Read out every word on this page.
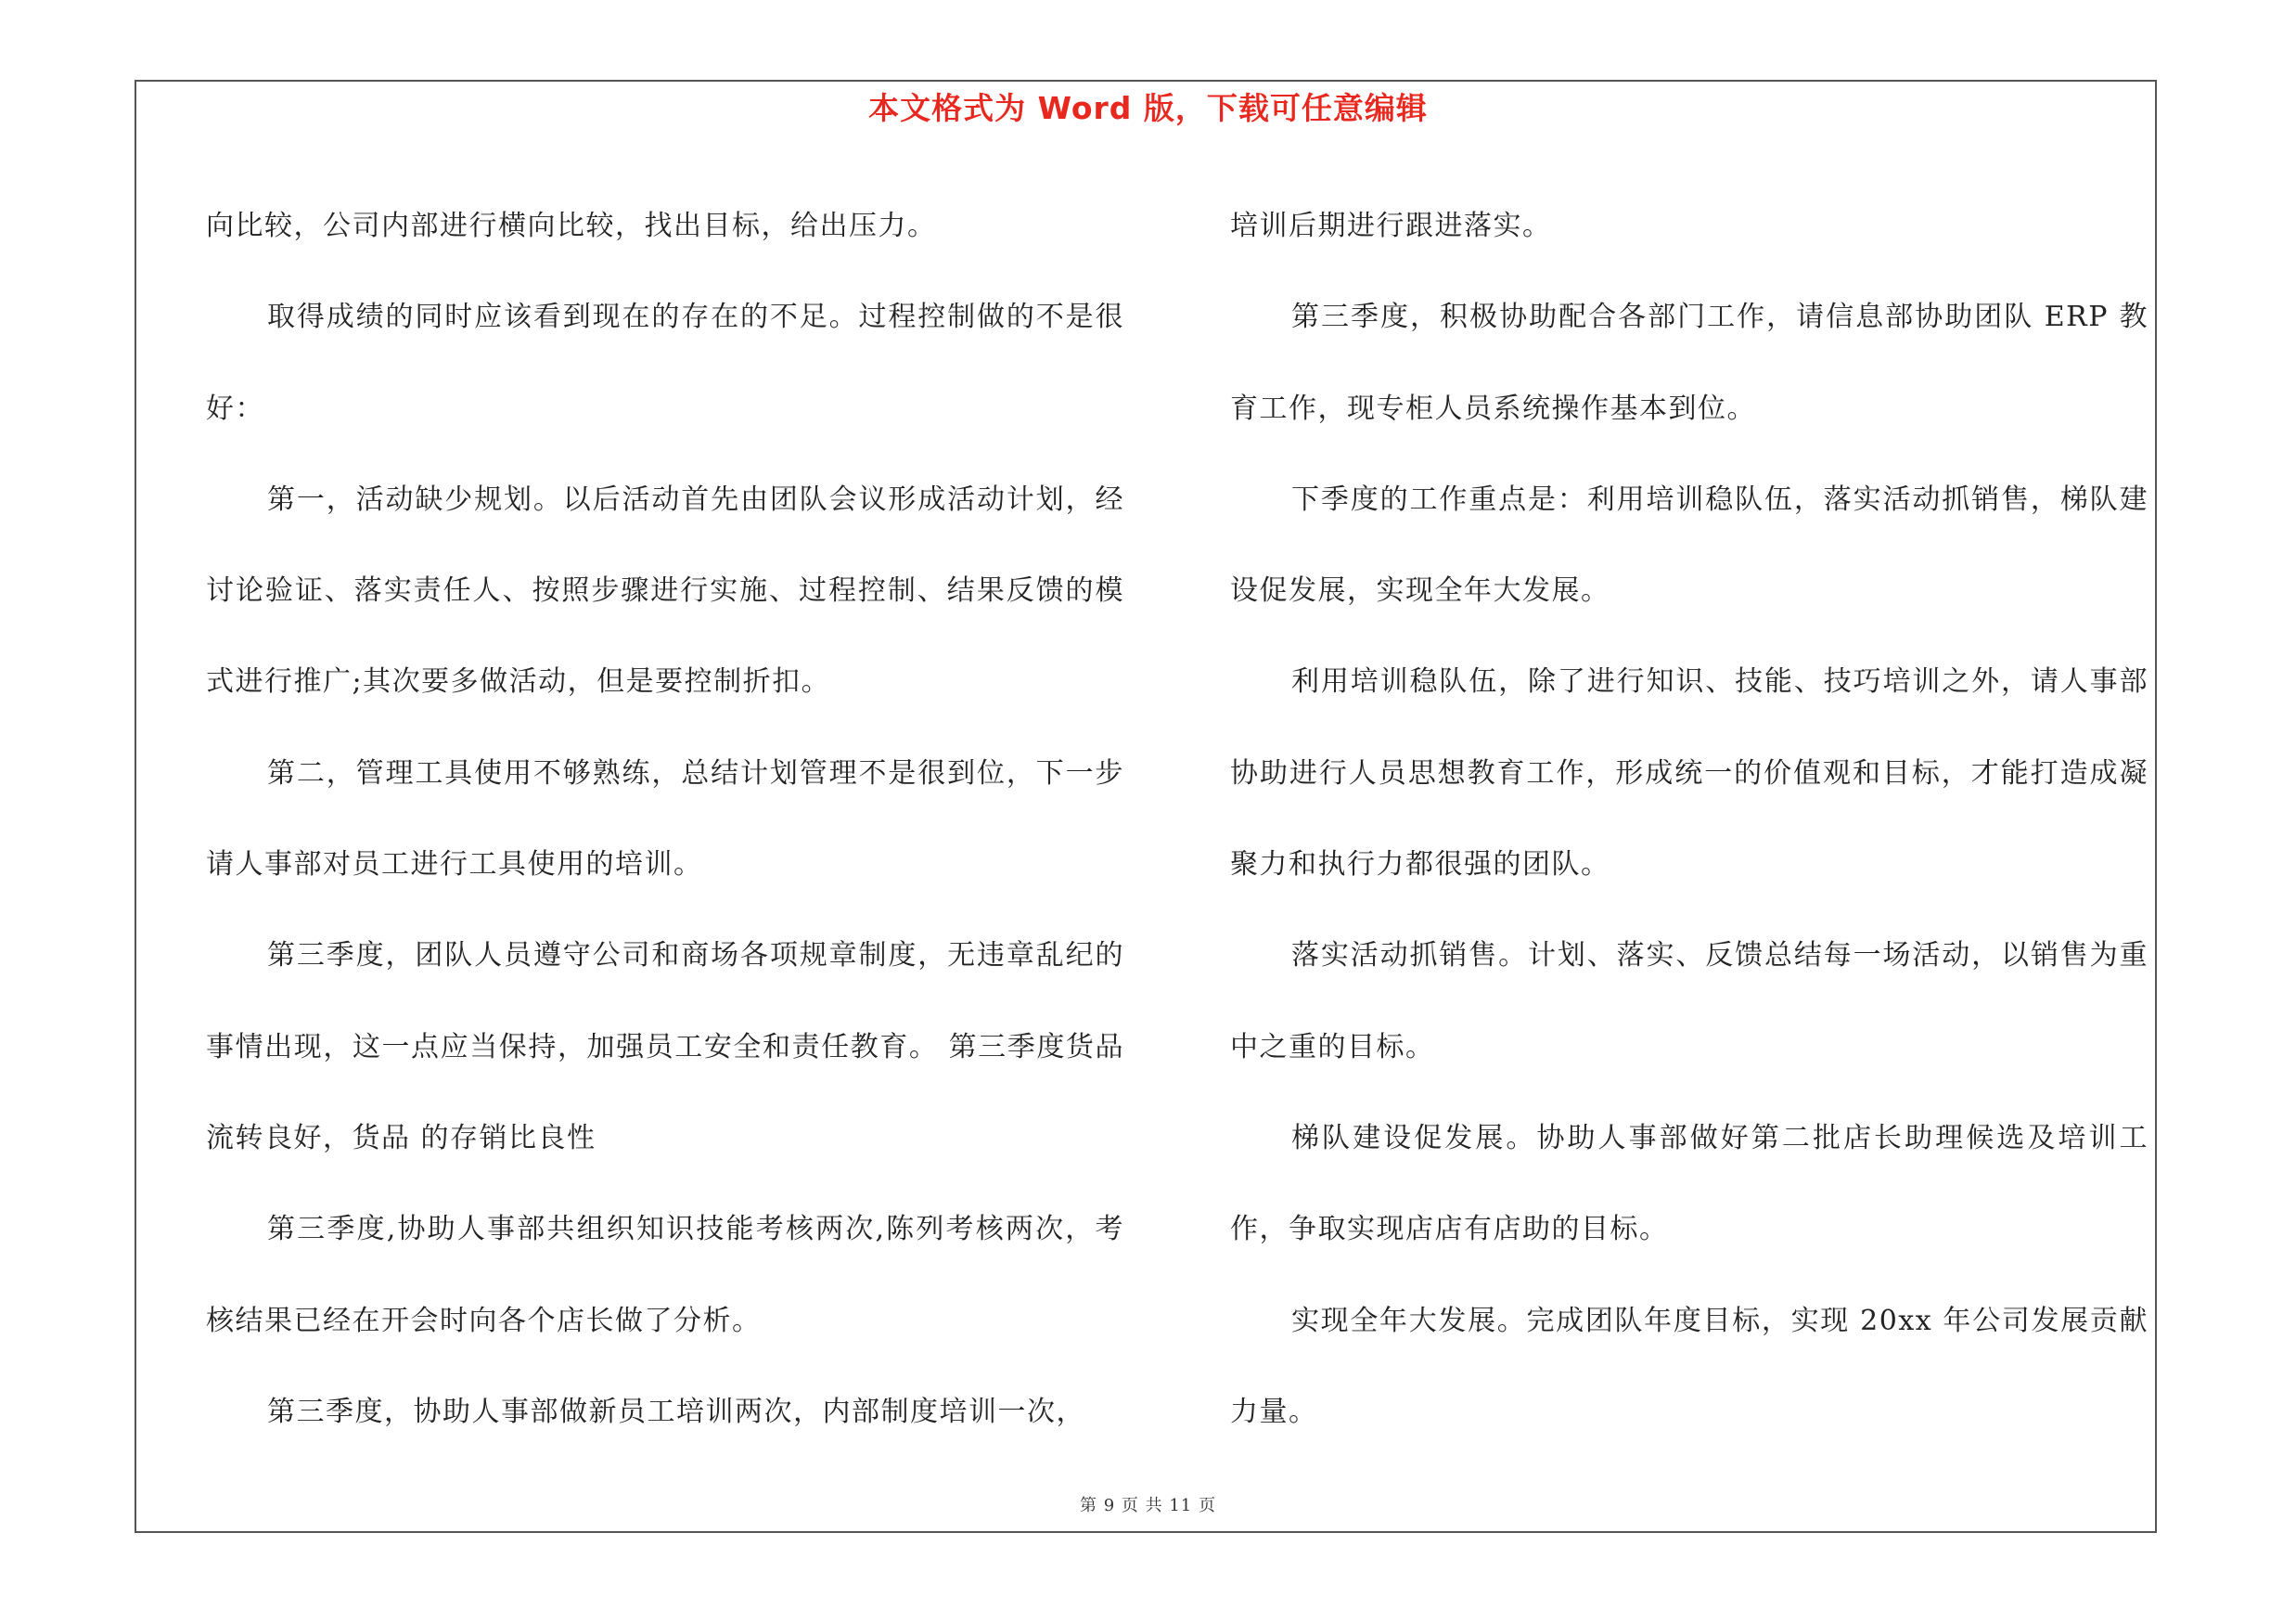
本文格式为 Word 版，下载可任意编辑

向比较，公司内部进行横向比较，找出目标，给出压力。

取得成绩的同时应该看到现在的存在的不足。过程控制做的不是很好：

第一，活动缺少规划。以后活动首先由团队会议形成活动计划，经讨论验证、落实责任人、按照步骤进行实施、过程控制、结果反馈的模式进行推广;其次要多做活动，但是要控制折扣。

第二，管理工具使用不够熟练，总结计划管理不是很到位，下一步请人事部对员工进行工具使用的培训。

第三季度，团队人员遵守公司和商场各项规章制度，无违章乱纪的事情出现，这一点应当保持，加强员工安全和责任教育。 第三季度货品流转良好，货品 的存销比良性

第三季度,协助人事部共组织知识技能考核两次,陈列考核两次，考核结果已经在开会时向各个店长做了分析。

第三季度，协助人事部做新员工培训两次，内部制度培训一次，

培训后期进行跟进落实。

第三季度，积极协助配合各部门工作，请信息部协助团队 ERP 教育工作，现专柜人员系统操作基本到位。

下季度的工作重点是：利用培训稳队伍，落实活动抓销售，梯队建设促发展，实现全年大发展。

利用培训稳队伍，除了进行知识、技能、技巧培训之外，请人事部协助进行人员思想教育工作，形成统一的价值观和目标，才能打造成凝聚力和执行力都很强的团队。

落实活动抓销售。计划、落实、反馈总结每一场活动，以销售为重中之重的目标。

梯队建设促发展。协助人事部做好第二批店长助理候选及培训工作，争取实现店店有店助的目标。

实现全年大发展。完成团队年度目标，实现 20xx 年公司发展贡献力量。

第 9 页 共 11 页
